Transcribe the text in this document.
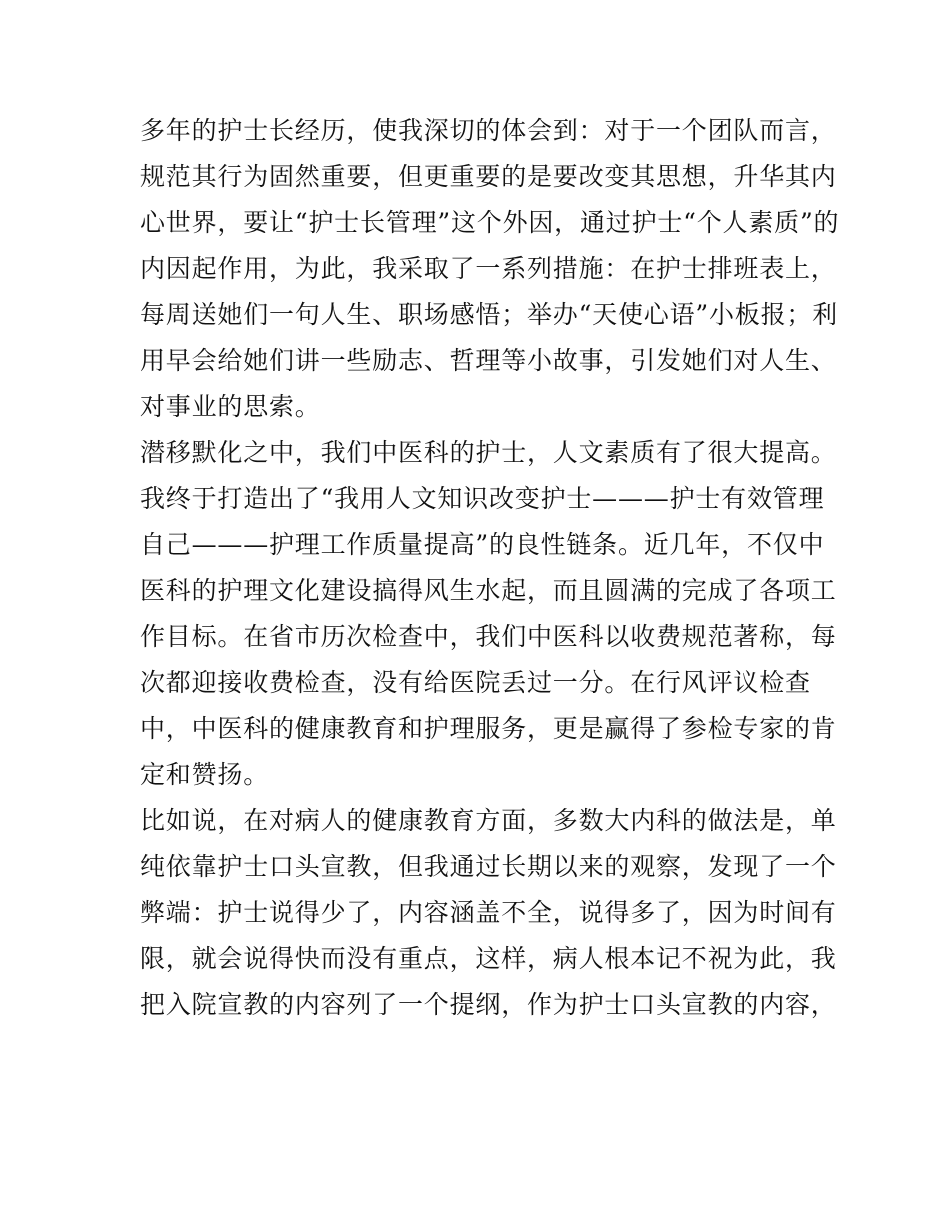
多年的护士长经历，使我深切的体会到：对于一个团队而言，
规范其行为固然重要，但更重要的是要改变其思想，升华其内
心世界，要让“护士长管理”这个外因，通过护士“个人素质”的
内因起作用，为此，我采取了一系列措施：在护士排班表上，
每周送她们一句人生、职场感悟；举办“天使心语”小板报；利
用早会给她们讲一些励志、哲理等小故事，引发她们对人生、
对事业的思索。
潜移默化之中，我们中医科的护士，人文素质有了很大提高。
我终于打造出了“我用人文知识改变护士———护士有效管理
自己———护理工作质量提高”的良性链条。近几年，不仅中
医科的护理文化建设搞得风生水起，而且圆满的完成了各项工
作目标。在省市历次检查中，我们中医科以收费规范著称，每
次都迎接收费检查，没有给医院丢过一分。在行风评议检查
中，中医科的健康教育和护理服务，更是赢得了参检专家的肯
定和赞扬。
比如说，在对病人的健康教育方面，多数大内科的做法是，单
纯依靠护士口头宣教，但我通过长期以来的观察，发现了一个
弊端：护士说得少了，内容涵盖不全，说得多了，因为时间有
限，就会说得快而没有重点，这样，病人根本记不祝为此，我
把入院宣教的内容列了一个提纲，作为护士口头宣教的内容，
